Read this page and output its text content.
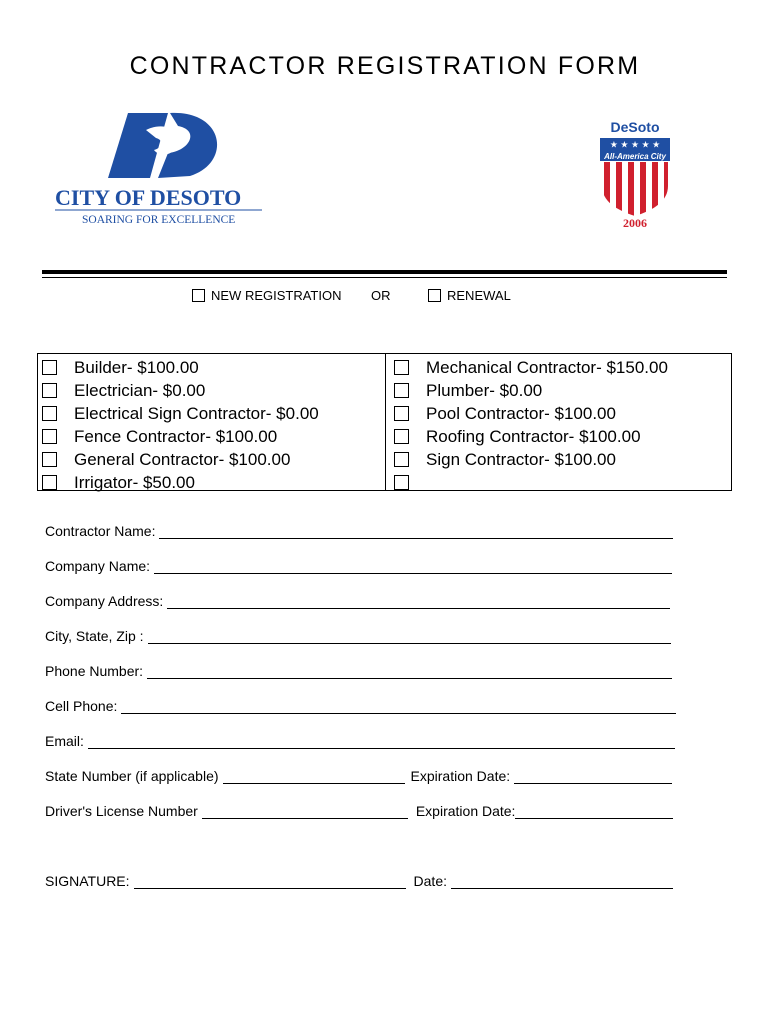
CONTRACTOR REGISTRATION FORM
CITY OF DESOTO
SOARING FOR EXCELLENCE
DeSoto
★ ★ ★ ★ ★
All-America City
2006
NEW REGISTRATION OR	RENEWAL
Builder- $100.00
Electrician- $0.00
Electrical Sign Contractor- $0.00
Fence Contractor- $100.00
General Contractor- $100.00
Irrigator- $50.00
Mechanical Contractor- $150.00
Plumber- $0.00
Pool Contractor- $100.00
Roofing Contractor- $100.00
Sign Contractor- $100.00
Contractor Name:
Company Name:
Company Address:
City, State, Zip :
Phone Number:
Cell Phone:
Email:
State Number (if applicable)	Expiration Date:
Driver's License Number	Expiration Date:
SIGNATURE:	Date:
